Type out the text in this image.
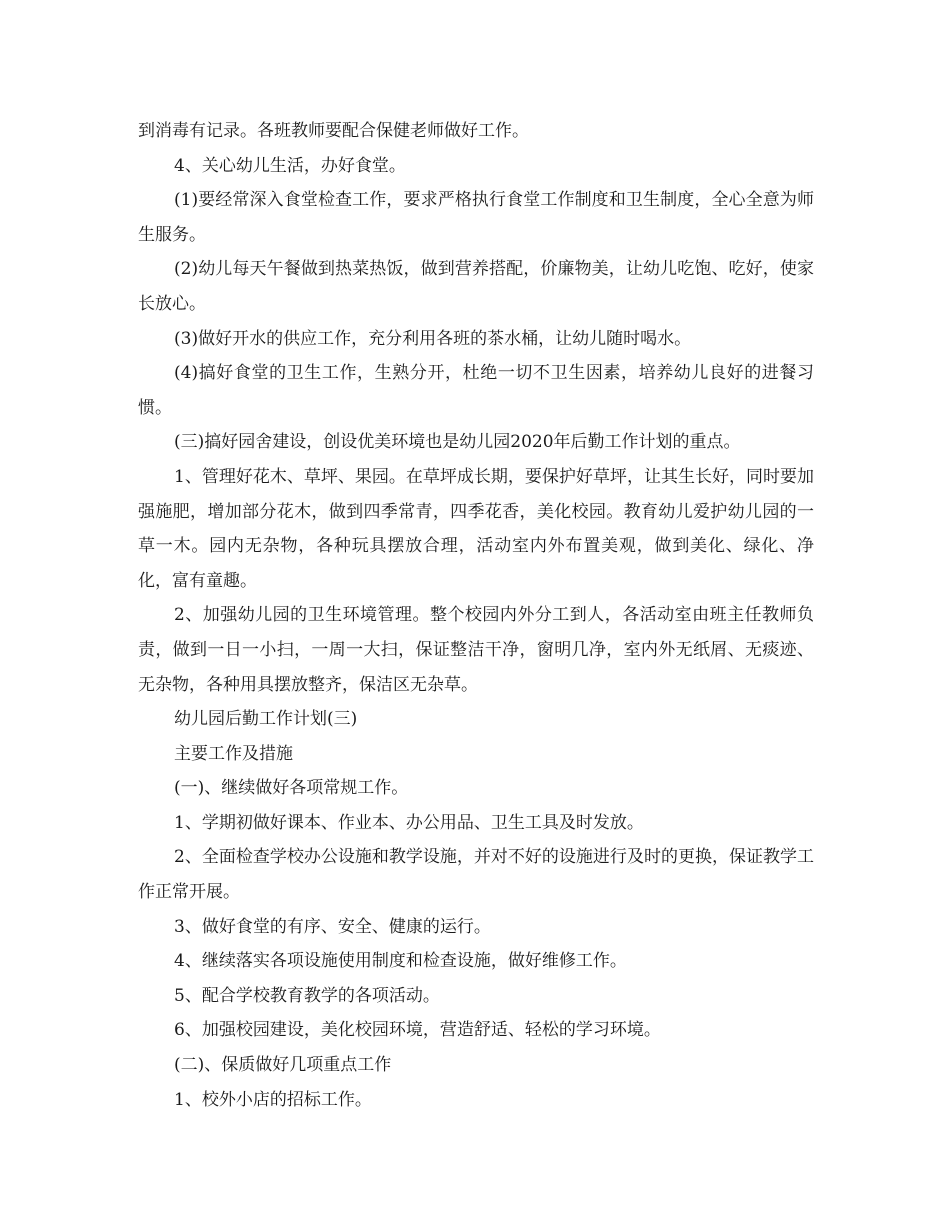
到消毒有记录。各班教师要配合保健老师做好工作。

4、关心幼儿生活，办好食堂。

(1)要经常深入食堂检查工作，要求严格执行食堂工作制度和卫生制度，全心全意为师生服务。

(2)幼儿每天午餐做到热菜热饭，做到营养搭配，价廉物美，让幼儿吃饱、吃好，使家长放心。

(3)做好开水的供应工作，充分利用各班的茶水桶，让幼儿随时喝水。

(4)搞好食堂的卫生工作，生熟分开，杜绝一切不卫生因素，培养幼儿良好的进餐习惯。

(三)搞好园舍建设，创设优美环境也是幼儿园2020年后勤工作计划的重点。

1、管理好花木、草坪、果园。在草坪成长期，要保护好草坪，让其生长好，同时要加强施肥，增加部分花木，做到四季常青，四季花香，美化校园。教育幼儿爱护幼儿园的一草一木。园内无杂物，各种玩具摆放合理，活动室内外布置美观，做到美化、绿化、净化，富有童趣。

2、加强幼儿园的卫生环境管理。整个校园内外分工到人，各活动室由班主任教师负责，做到一日一小扫，一周一大扫，保证整洁干净，窗明几净，室内外无纸屑、无痰迹、无杂物，各种用具摆放整齐，保洁区无杂草。

幼儿园后勤工作计划(三)

主要工作及措施

(一)、继续做好各项常规工作。

1、学期初做好课本、作业本、办公用品、卫生工具及时发放。

2、全面检查学校办公设施和教学设施，并对不好的设施进行及时的更换，保证教学工作正常开展。

3、做好食堂的有序、安全、健康的运行。

4、继续落实各项设施使用制度和检查设施，做好维修工作。

5、配合学校教育教学的各项活动。

6、加强校园建设，美化校园环境，营造舒适、轻松的学习环境。

(二)、保质做好几项重点工作

1、校外小店的招标工作。
